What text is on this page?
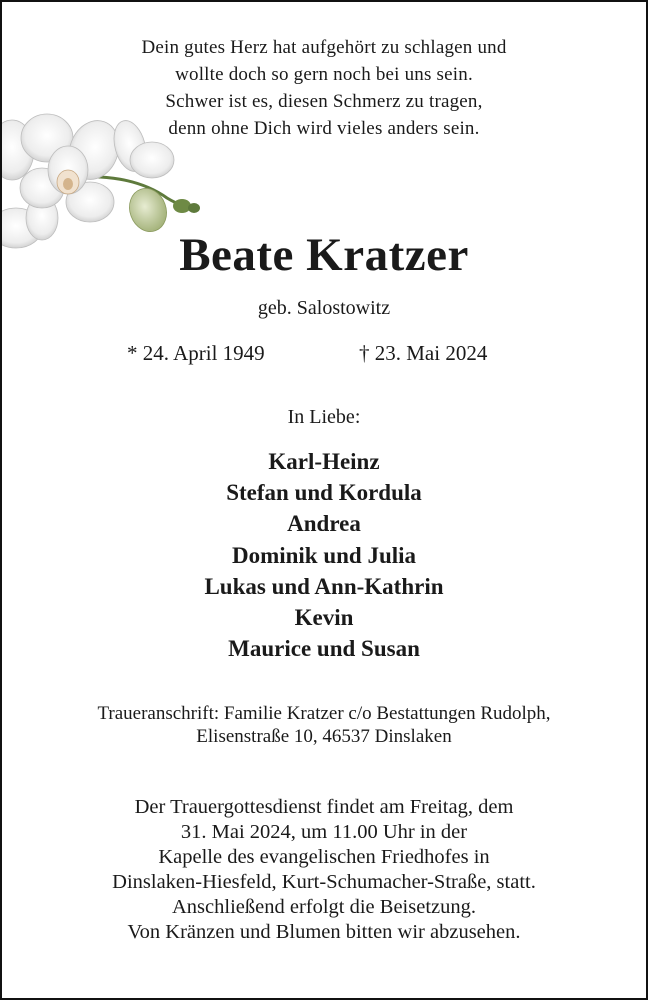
Dein gutes Herz hat aufgehört zu schlagen und
wollte doch so gern noch bei uns sein.
Schwer ist es, diesen Schmerz zu tragen,
denn ohne Dich wird vieles anders sein.
Beate Kratzer
geb. Salostowitz
* 24. April 1949	† 23. Mai 2024
In Liebe:
Karl-Heinz
Stefan und Kordula
Andrea
Dominik und Julia
Lukas und Ann-Kathrin
Kevin
Maurice und Susan
Traueranschrift: Familie Kratzer c/o Bestattungen Rudolph,
Elisenstraße 10, 46537 Dinslaken
Der Trauergottesdienst findet am Freitag, dem
31. Mai 2024, um 11.00 Uhr in der
Kapelle des evangelischen Friedhofes in
Dinslaken-Hiesfeld, Kurt-Schumacher-Straße, statt.
Anschließend erfolgt die Beisetzung.
Von Kränzen und Blumen bitten wir abzusehen.
